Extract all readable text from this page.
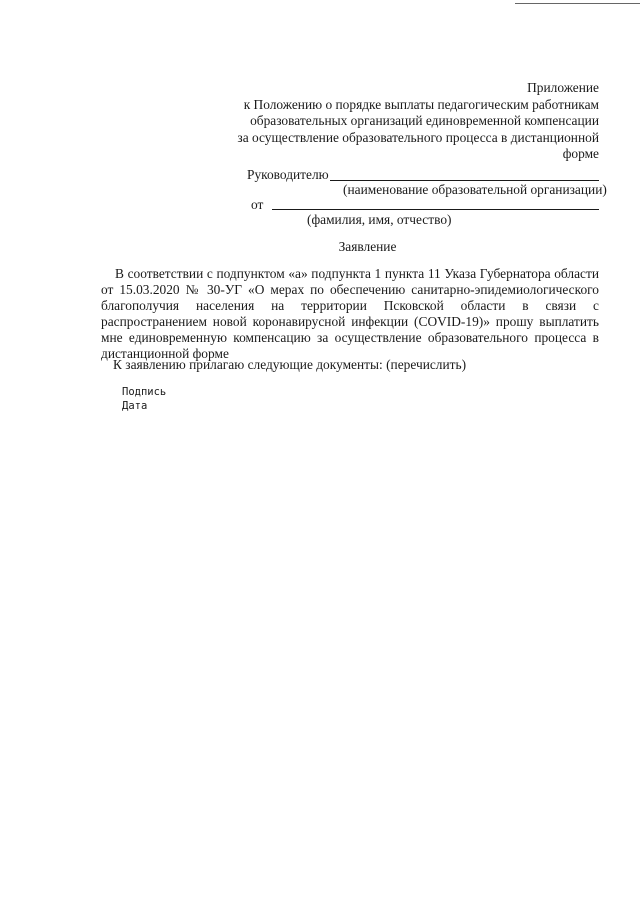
Приложение
к Положению о порядке выплаты педагогическим работникам
образовательных организаций единовременной компенсации
за осуществление образовательного процесса в дистанционной
форме
Руководителю
(наименование образовательной организации)
от
(фамилия, имя, отчество)
Заявление
В соответствии с подпунктом «а» подпункта 1 пункта 11 Указа Губернатора области от 15.03.2020 № 30-УГ «О мерах по обеспечению санитарно-эпидемиологического благополучия населения на территории Псковской области в связи с распространением новой коронавирусной инфекции (COVID-19)» прошу выплатить мне единовременную компенсацию за осуществление образовательного процесса в дистанционной форме
К заявлению прилагаю следующие документы: (перечислить)
Подпись
Дата
